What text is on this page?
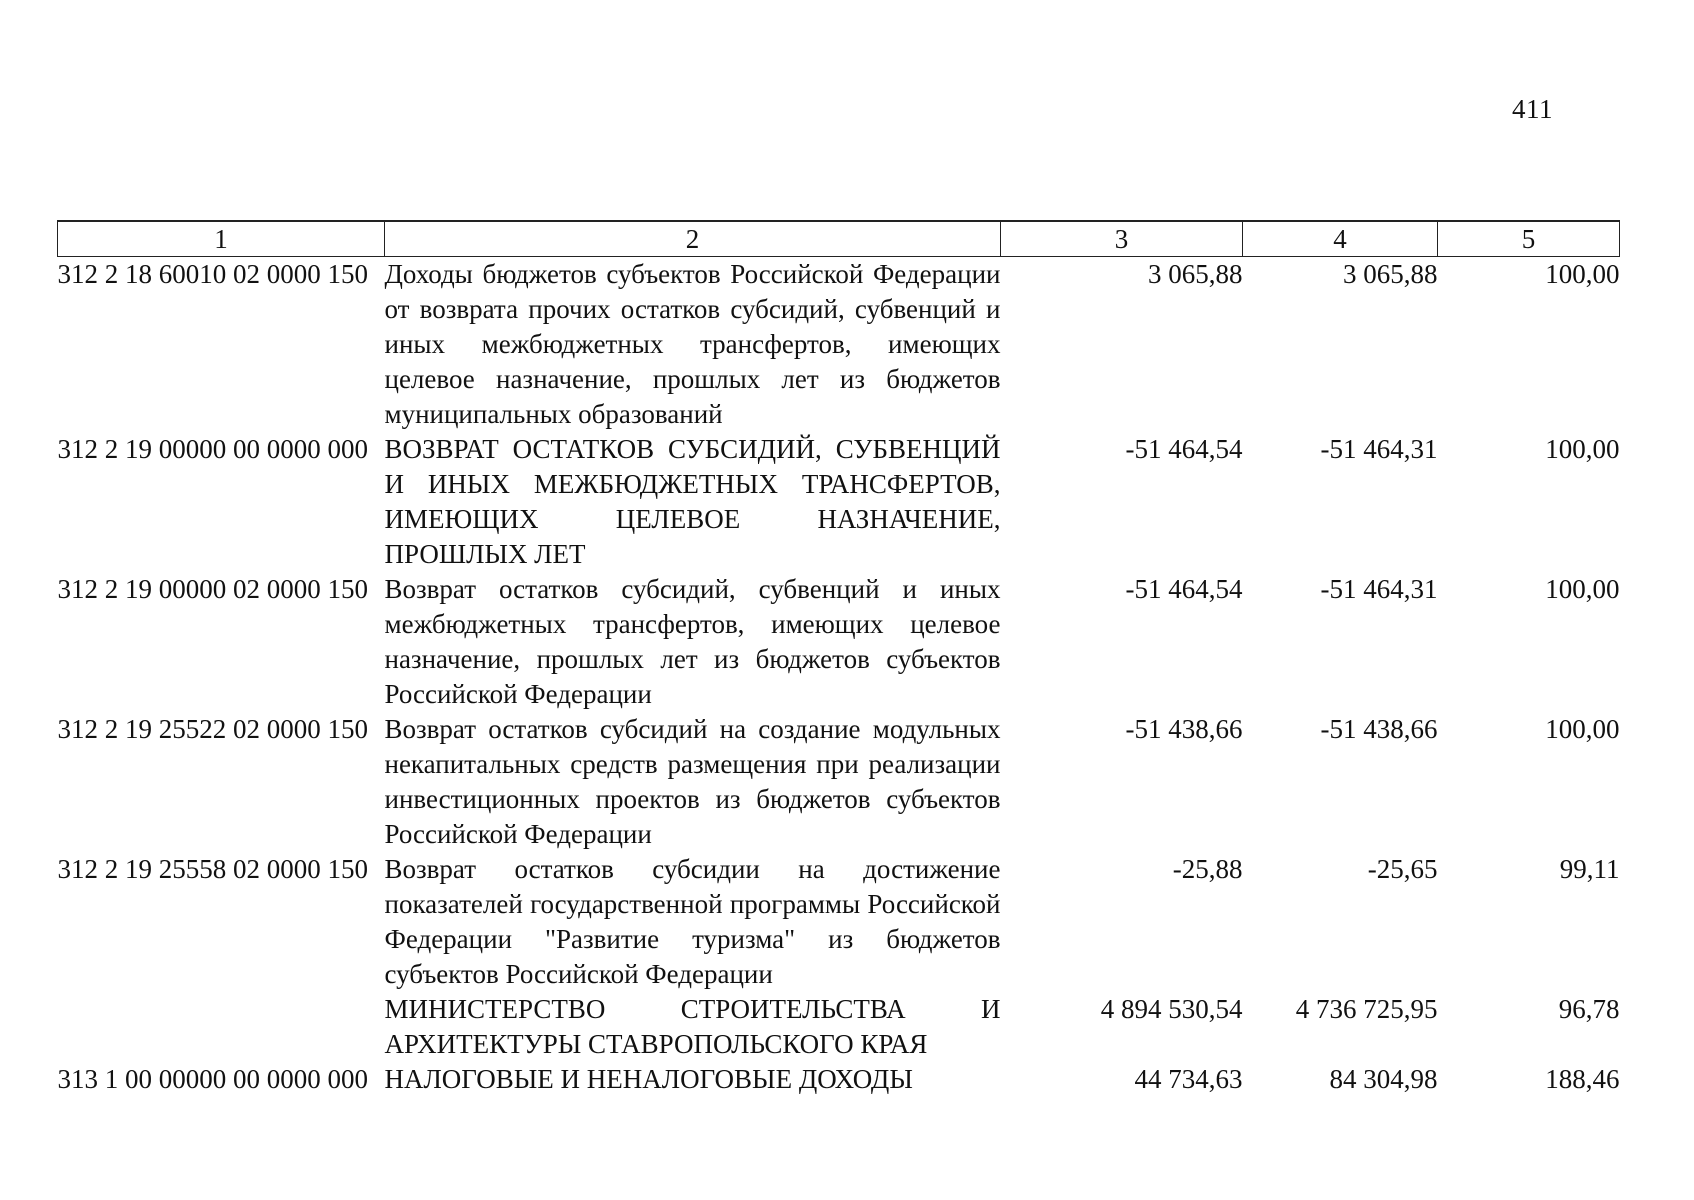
411
1	2	3	4	5
312 2 18 60010 02 0000 150	Доходы бюджетов субъектов Российской Федерации от возврата прочих остатков субсидий, субвенций и иных межбюджетных трансфертов, имеющих целевое назначение, прошлых лет из бюджетов муниципальных образований	3 065,88	3 065,88	100,00
312 2 19 00000 00 0000 000	ВОЗВРАТ ОСТАТКОВ СУБСИДИЙ, СУБВЕНЦИЙ И ИНЫХ МЕЖБЮДЖЕТНЫХ ТРАНСФЕРТОВ, ИМЕЮЩИХ ЦЕЛЕВОЕ НАЗНАЧЕНИЕ, ПРОШЛЫХ ЛЕТ	-51 464,54	-51 464,31	100,00
312 2 19 00000 02 0000 150	Возврат остатков субсидий, субвенций и иных межбюджетных трансфертов, имеющих целевое назначение, прошлых лет из бюджетов субъектов Российской Федерации	-51 464,54	-51 464,31	100,00
312 2 19 25522 02 0000 150	Возврат остатков субсидий на создание модульных некапитальных средств размещения при реализации инвестиционных проектов из бюджетов субъектов Российской Федерации	-51 438,66	-51 438,66	100,00
312 2 19 25558 02 0000 150	Возврат остатков субсидии на достижение показателей государственной программы Российской Федерации "Развитие туризма" из бюджетов субъектов Российской Федерации	-25,88	-25,65	99,11
	МИНИСТЕРСТВО СТРОИТЕЛЬСТВА И АРХИТЕКТУРЫ СТАВРОПОЛЬСКОГО КРАЯ	4 894 530,54	4 736 725,95	96,78
313 1 00 00000 00 0000 000	НАЛОГОВЫЕ И НЕНАЛОГОВЫЕ ДОХОДЫ	44 734,63	84 304,98	188,46
